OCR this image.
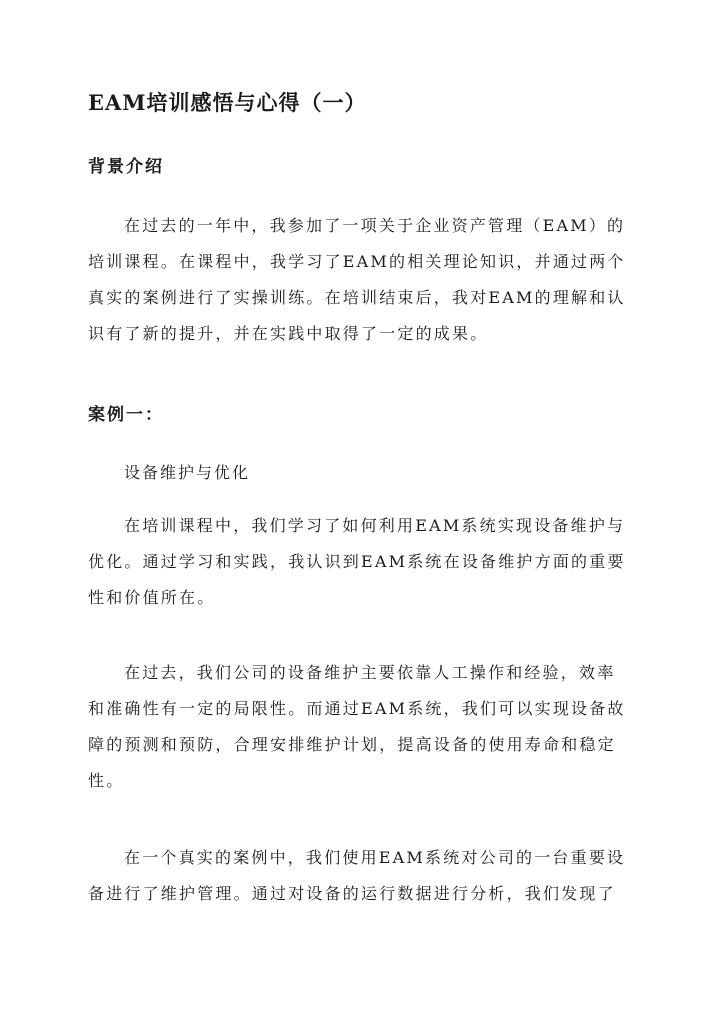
EAM培训感悟与心得（一）
背景介绍

在过去的一年中，我参加了一项关于企业资产管理（EAM）的
培训课程。在课程中，我学习了EAM的相关理论知识，并通过两个
真实的案例进行了实操训练。在培训结束后，我对EAM的理解和认
识有了新的提升，并在实践中取得了一定的成果。

案例一：

设备维护与优化

在培训课程中，我们学习了如何利用EAM系统实现设备维护与
优化。通过学习和实践，我认识到EAM系统在设备维护方面的重要
性和价值所在。

在过去，我们公司的设备维护主要依靠人工操作和经验，效率
和准确性有一定的局限性。而通过EAM系统，我们可以实现设备故
障的预测和预防，合理安排维护计划，提高设备的使用寿命和稳定
性。

在一个真实的案例中，我们使用EAM系统对公司的一台重要设
备进行了维护管理。通过对设备的运行数据进行分析，我们发现了
